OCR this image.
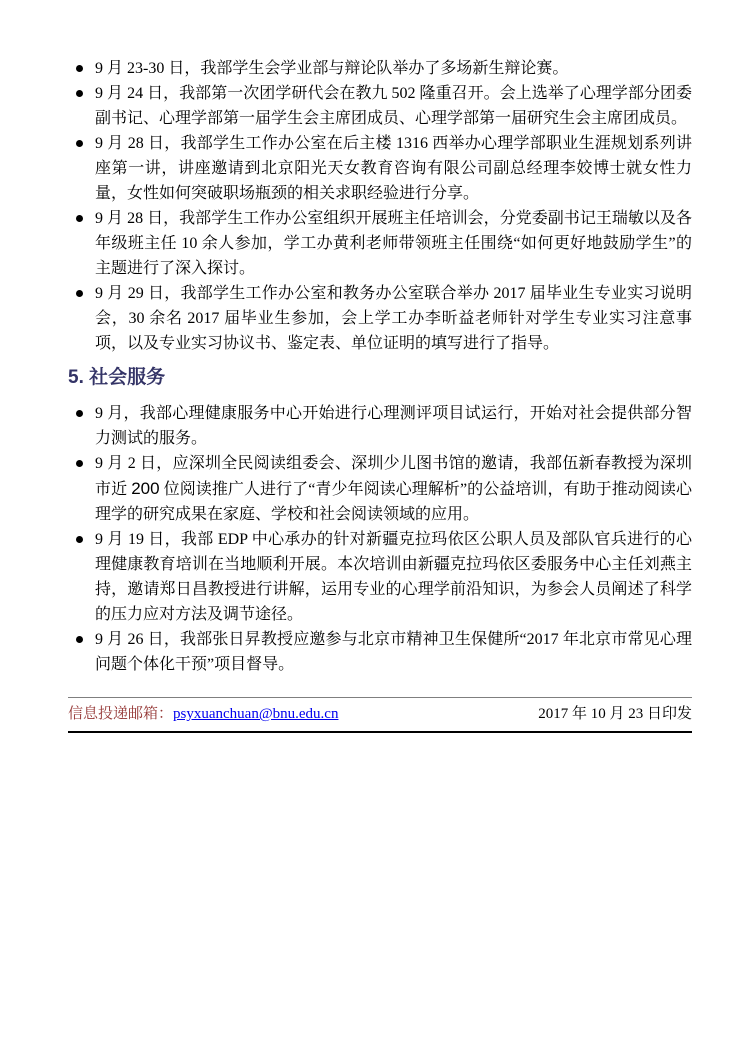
9 月 23-30 日，我部学生会学业部与辩论队举办了多场新生辩论赛。
9 月 24 日，我部第一次团学研代会在教九 502 隆重召开。会上选举了心理学部分团委副书记、心理学部第一届学生会主席团成员、心理学部第一届研究生会主席团成员。
9 月 28 日，我部学生工作办公室在后主楼 1316 西举办心理学部职业生涯规划系列讲座第一讲，讲座邀请到北京阳光天女教育咨询有限公司副总经理李姣博士就女性力量，女性如何突破职场瓶颈的相关求职经验进行分享。
9 月 28 日，我部学生工作办公室组织开展班主任培训会，分党委副书记王瑞敏以及各年级班主任 10 余人参加，学工办黄利老师带领班主任围绕“如何更好地鼓励学生”的主题进行了深入探讨。
9 月 29 日，我部学生工作办公室和教务办公室联合举办 2017 届毕业生专业实习说明会，30 余名 2017 届毕业生参加，会上学工办李昕益老师针对学生专业实习注意事项，以及专业实习协议书、鉴定表、单位证明的填写进行了指导。
5. 社会服务
9 月，我部心理健康服务中心开始进行心理测评项目试运行，开始对社会提供部分智力测试的服务。
9 月 2 日，应深圳全民阅读组委会、深圳少儿图书馆的邀请，我部伍新春教授为深圳市近 200 位阅读推广人进行了“青少年阅读心理解析”的公益培训，有助于推动阅读心理学的研究成果在家庭、学校和社会阅读领域的应用。
9 月 19 日，我部 EDP 中心承办的针对新疆克拉玛依区公职人员及部队官兵进行的心理健康教育培训在当地顺利开展。本次培训由新疆克拉玛依区委服务中心主任刘燕主持，邀请郑日昌教授进行讲解，运用专业的心理学前沿知识，为参会人员阐述了科学的压力应对方法及调节途径。
9 月 26 日，我部张日昇教授应邀参与北京市精神卫生保健所“2017 年北京市常见心理问题个体化干预”项目督导。
信息投递邮箱：psyxuanchuan@bnu.edu.cn	2017 年 10 月 23 日印发
